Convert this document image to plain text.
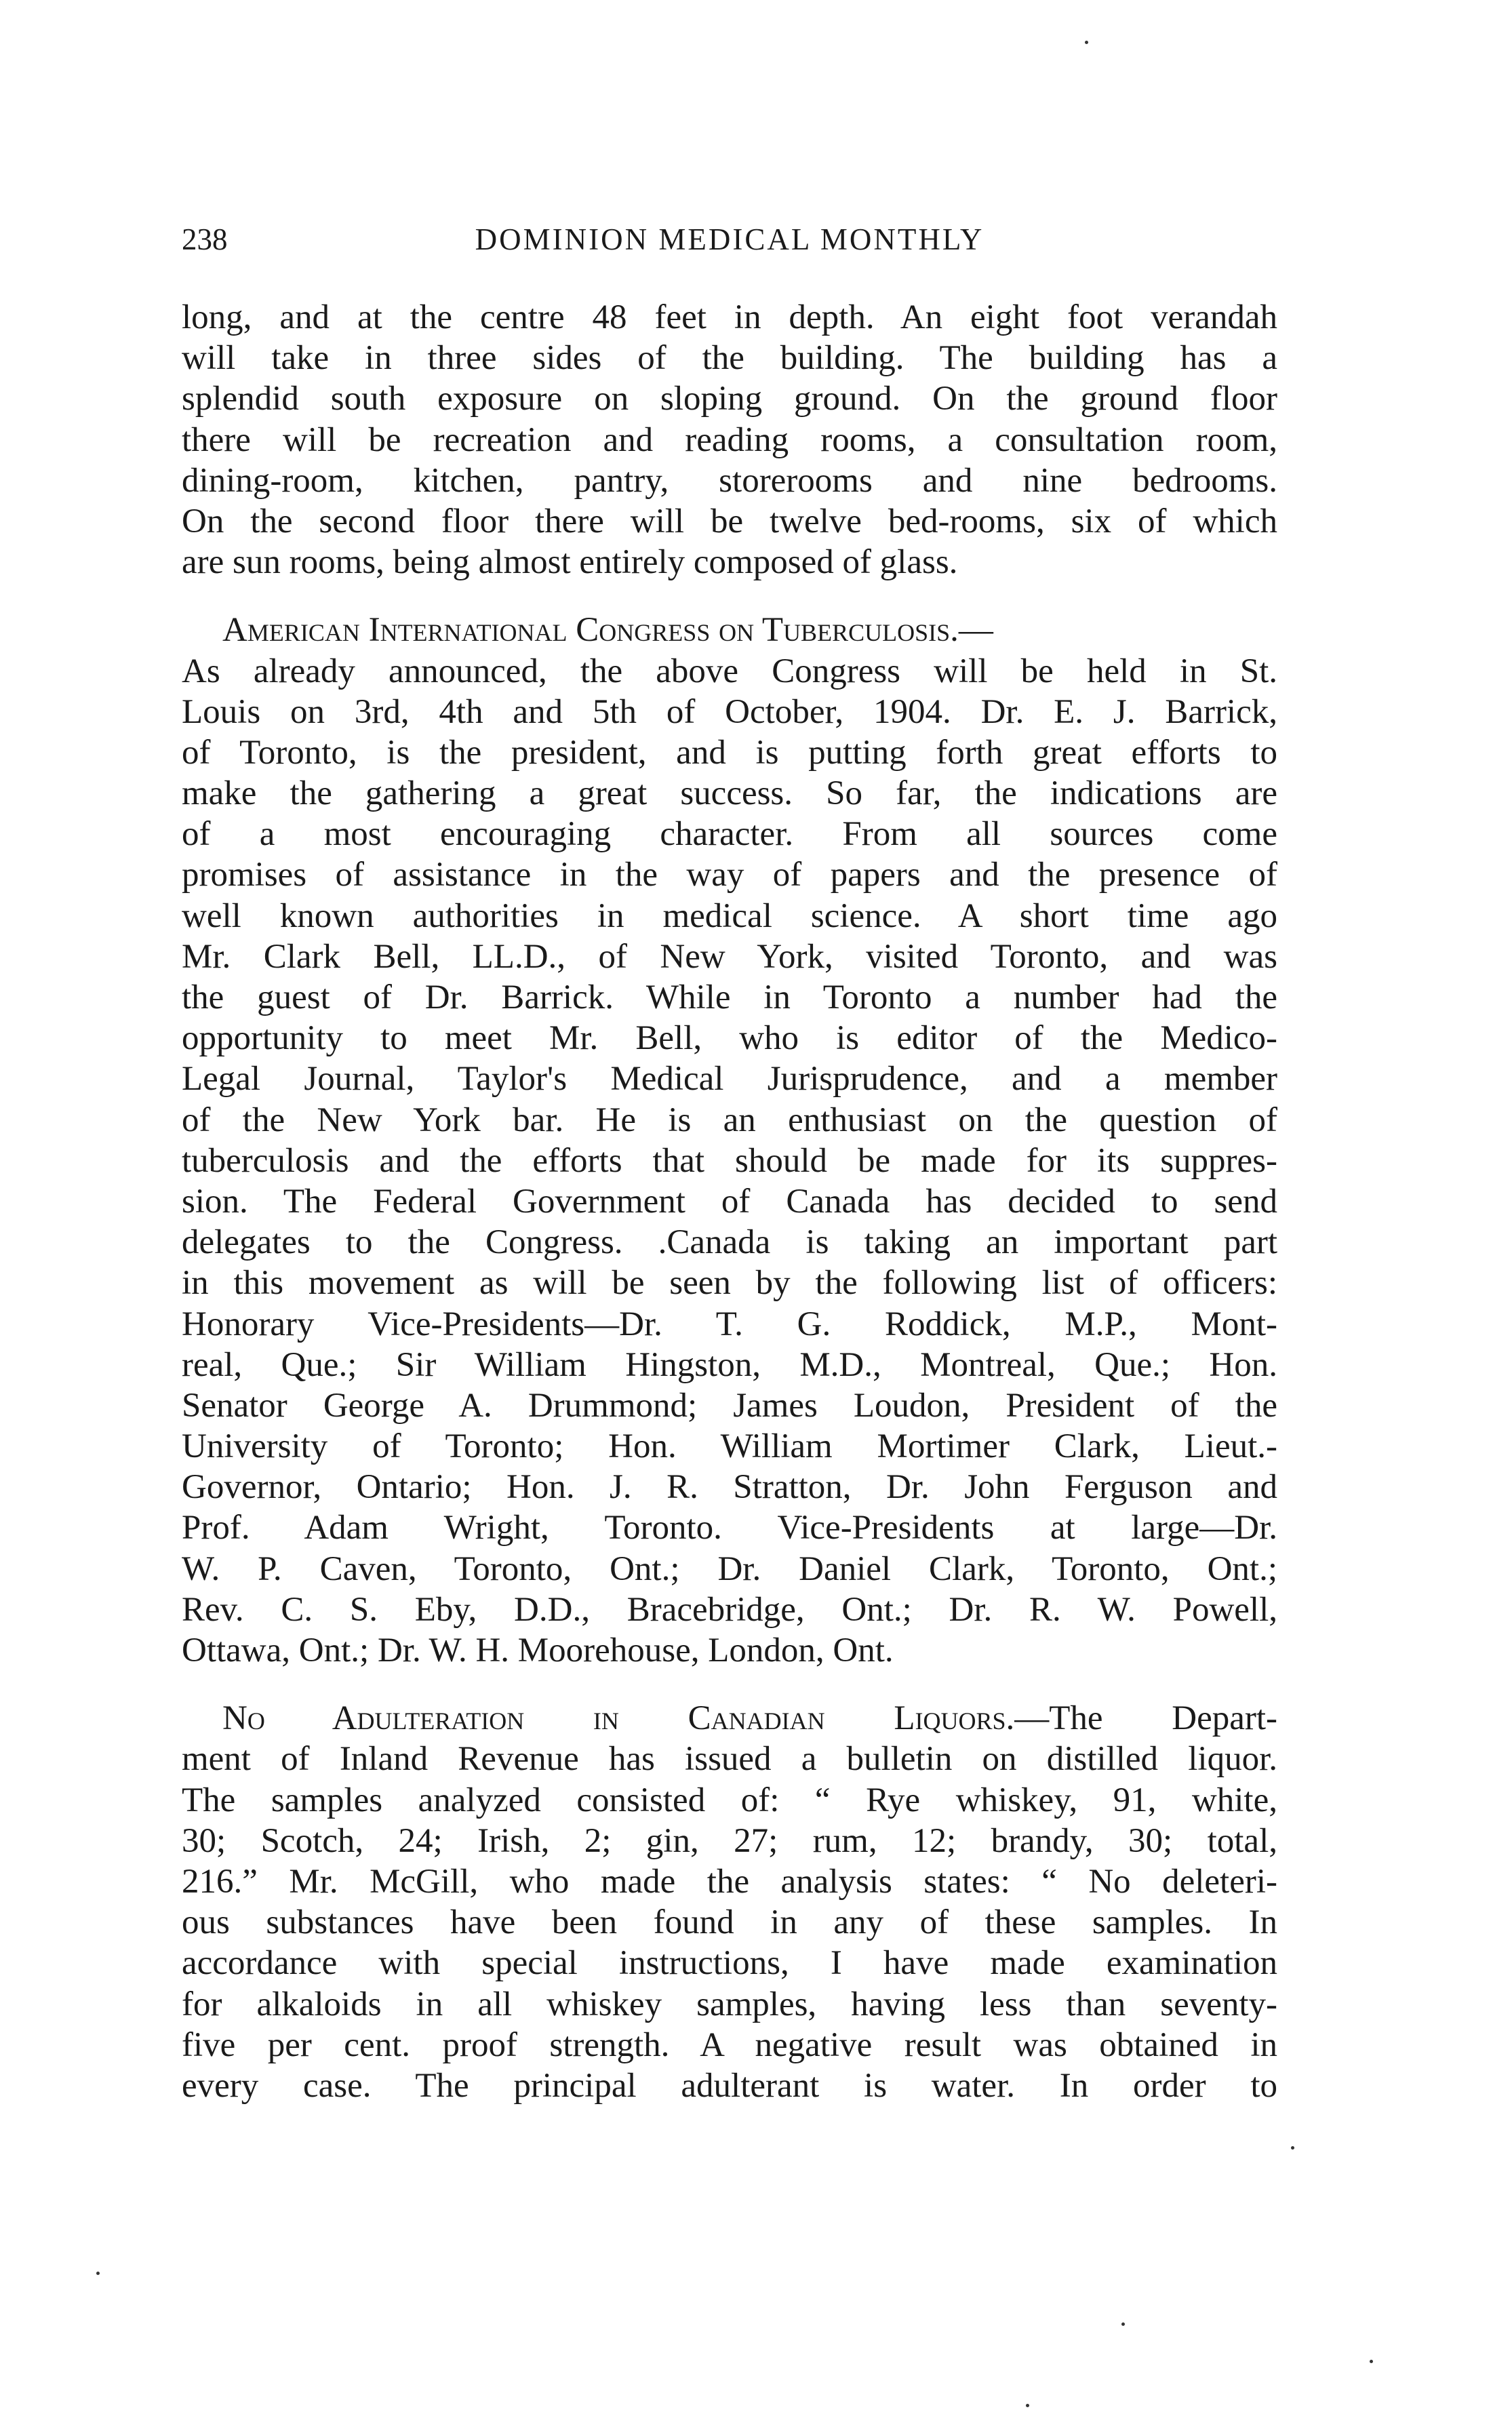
238	DOMINION MEDICAL MONTHLY
long, and at the centre 48 feet in depth. An eight foot verandah
will take in three sides of the building. The building has a
splendid south exposure on sloping ground. On the ground floor
there will be recreation and reading rooms, a consultation room,
dining-room, kitchen, pantry, storerooms and nine bedrooms.
On the second floor there will be twelve bed-rooms, six of which
are sun rooms, being almost entirely composed of glass.
American International Congress on Tuberculosis.—
As already announced, the above Congress will be held in St.
Louis on 3rd, 4th and 5th of October, 1904. Dr. E. J. Barrick,
of Toronto, is the president, and is putting forth great efforts to
make the gathering a great success. So far, the indications are
of a most encouraging character. From all sources come
promises of assistance in the way of papers and the presence of
well known authorities in medical science. A short time ago
Mr. Clark Bell, LL.D., of New York, visited Toronto, and was
the guest of Dr. Barrick. While in Toronto a number had the
opportunity to meet Mr. Bell, who is editor of the Medico-
Legal Journal, Taylor's Medical Jurisprudence, and a member
of the New York bar. He is an enthusiast on the question of
tuberculosis and the efforts that should be made for its suppres-
sion. The Federal Government of Canada has decided to send
delegates to the Congress. .Canada is taking an important part
in this movement as will be seen by the following list of officers:
Honorary Vice-Presidents—Dr. T. G. Roddick, M.P., Mont-
real, Que.; Sir William Hingston, M.D., Montreal, Que.; Hon.
Senator George A. Drummond; James Loudon, President of the
University of Toronto; Hon. William Mortimer Clark, Lieut.-
Governor, Ontario; Hon. J. R. Stratton, Dr. John Ferguson and
Prof. Adam Wright, Toronto. Vice-Presidents at large—Dr.
W. P. Caven, Toronto, Ont.; Dr. Daniel Clark, Toronto, Ont.;
Rev. C. S. Eby, D.D., Bracebridge, Ont.; Dr. R. W. Powell,
Ottawa, Ont.; Dr. W. H. Moorehouse, London, Ont.
No Adulteration in Canadian Liquors.—The Depart-
ment of Inland Revenue has issued a bulletin on distilled liquor.
The samples analyzed consisted of: “ Rye whiskey, 91, white,
30; Scotch, 24; Irish, 2; gin, 27; rum, 12; brandy, 30; total,
216.” Mr. McGill, who made the analysis states: “ No deleteri-
ous substances have been found in any of these samples. In
accordance with special instructions, I have made examination
for alkaloids in all whiskey samples, having less than seventy-
five per cent. proof strength. A negative result was obtained in
every case. The principal adulterant is water. In order to
